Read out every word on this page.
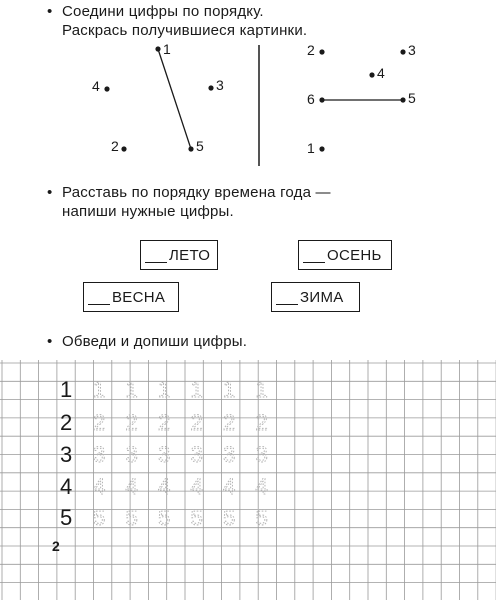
• Соедини цифры по порядку.
Раскрась получившиеся картинки.
1
4	3
2	5
2	3
4
6	5
1
• Расставь по порядку времена года —
напиши нужные цифры.
ЛЕТО	ОСЕНЬ
ВЕСНА	ЗИМА
• Обведи и допиши цифры.
1 1 1 1 1 1 1
2 2 2 2 2 2 2
3 3 3 3 3 3 3
4 4 4 4 4 4 4
5 5 5 5 5 5 5
2
